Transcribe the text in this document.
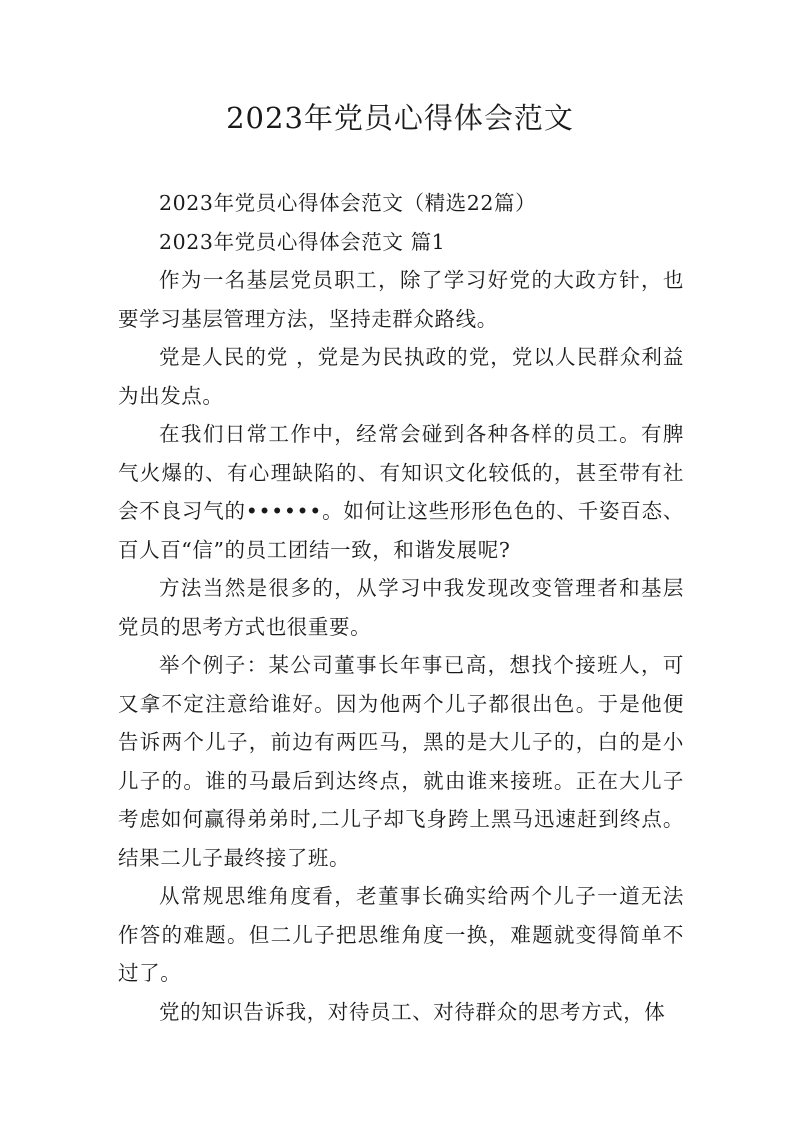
2023年党员心得体会范文

2023年党员心得体会范文（精选22篇）

2023年党员心得体会范文 篇1

作为一名基层党员职工，除了学习好党的大政方针，也要学习基层管理方法，坚持走群众路线。

党是人民的党 ，党是为民执政的党，党以人民群众利益为出发点。

在我们日常工作中，经常会碰到各种各样的员工。有脾气火爆的、有心理缺陷的、有知识文化较低的，甚至带有社会不良习气的••••••。如何让这些形形色色的、千姿百态、百人百“信”的员工团结一致，和谐发展呢?

方法当然是很多的，从学习中我发现改变管理者和基层党员的思考方式也很重要。

举个例子：某公司董事长年事已高，想找个接班人，可又拿不定注意给谁好。因为他两个儿子都很出色。于是他便告诉两个儿子，前边有两匹马，黑的是大儿子的，白的是小儿子的。谁的马最后到达终点，就由谁来接班。正在大儿子考虑如何赢得弟弟时,二儿子却飞身跨上黑马迅速赶到终点。结果二儿子最终接了班。

从常规思维角度看，老董事长确实给两个儿子一道无法作答的难题。但二儿子把思维角度一换，难题就变得简单不过了。

党的知识告诉我，对待员工、对待群众的思考方式，体
